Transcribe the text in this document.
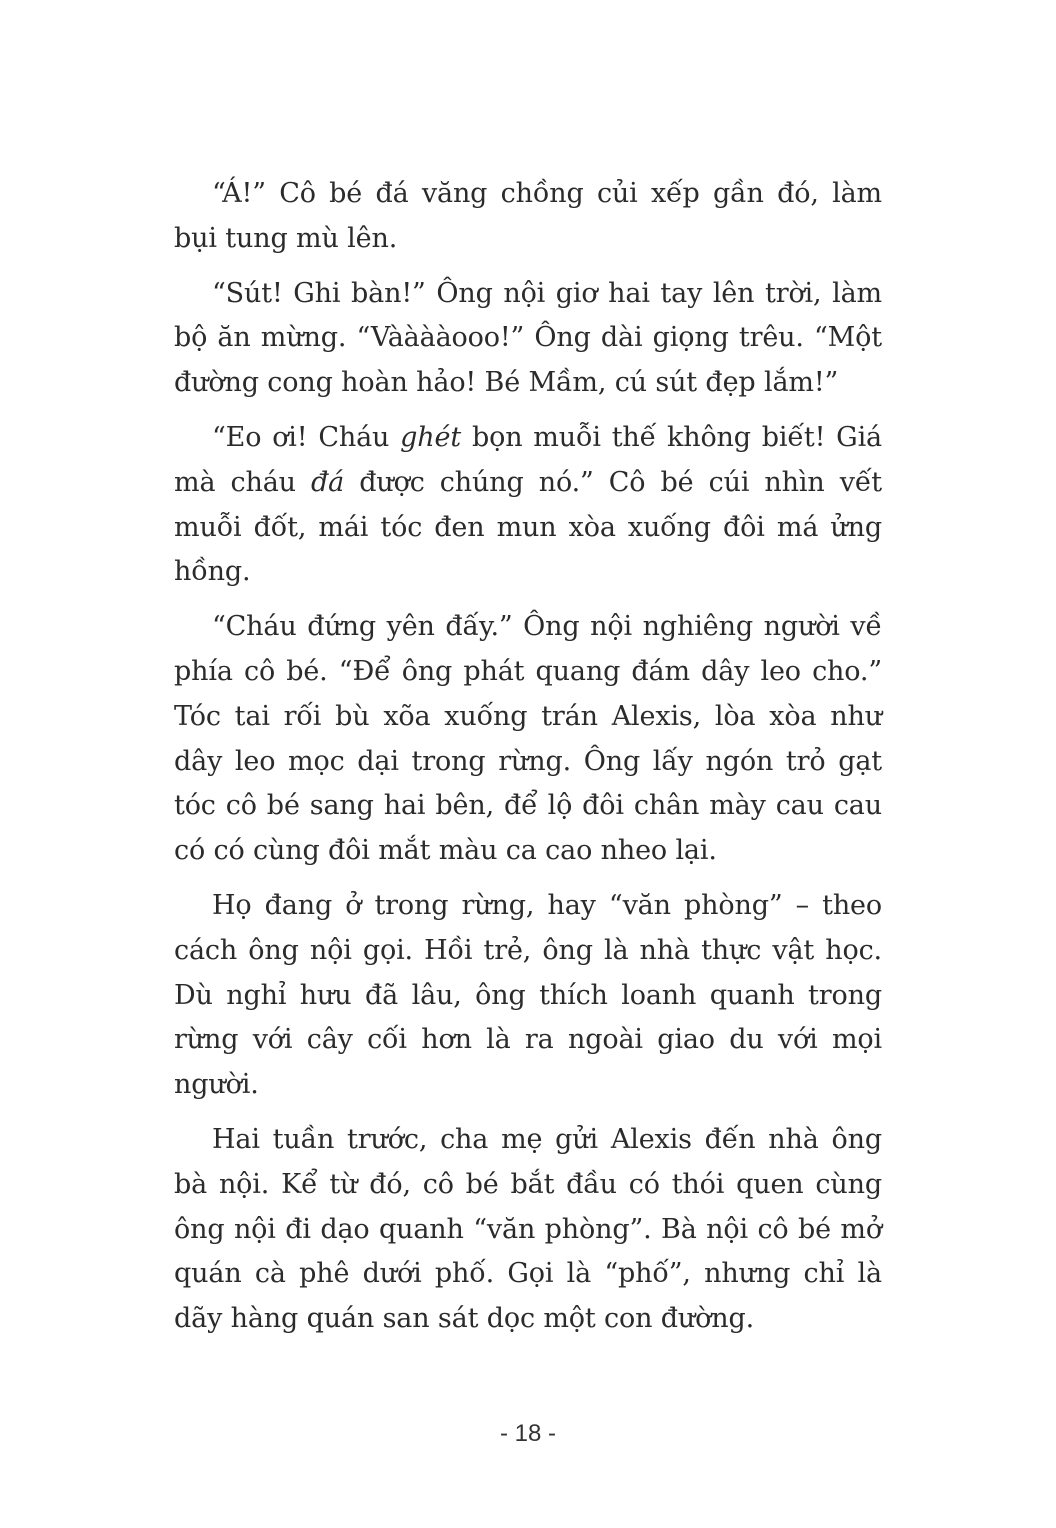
“Á!” Cô bé đá văng chồng củi xếp gần đó, làm bụi tung mù lên.

“Sút! Ghi bàn!” Ông nội giơ hai tay lên trời, làm bộ ăn mừng. “Vààààooo!” Ông dài giọng trêu. “Một đường cong hoàn hảo! Bé Mầm, cú sút đẹp lắm!”

“Eo ơi! Cháu ghét bọn muỗi thế không biết! Giá mà cháu đá được chúng nó.” Cô bé cúi nhìn vết muỗi đốt, mái tóc đen mun xòa xuống đôi má ửng hồng.

“Cháu đứng yên đấy.” Ông nội nghiêng người về phía cô bé. “Để ông phát quang đám dây leo cho.” Tóc tai rối bù xõa xuống trán Alexis, lòa xòa như dây leo mọc dại trong rừng. Ông lấy ngón trỏ gạt tóc cô bé sang hai bên, để lộ đôi chân mày cau cau có có cùng đôi mắt màu ca cao nheo lại.

Họ đang ở trong rừng, hay “văn phòng” – theo cách ông nội gọi. Hồi trẻ, ông là nhà thực vật học. Dù nghỉ hưu đã lâu, ông thích loanh quanh trong rừng với cây cối hơn là ra ngoài giao du với mọi người.

Hai tuần trước, cha mẹ gửi Alexis đến nhà ông bà nội. Kể từ đó, cô bé bắt đầu có thói quen cùng ông nội đi dạo quanh “văn phòng”. Bà nội cô bé mở quán cà phê dưới phố. Gọi là “phố”, nhưng chỉ là dãy hàng quán san sát dọc một con đường.

- 18 -
